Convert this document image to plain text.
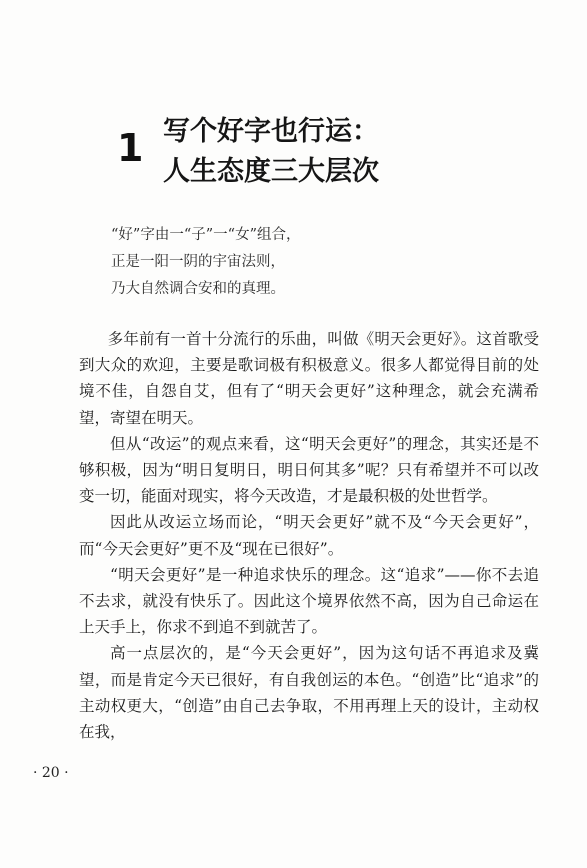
1 写个好字也行运：
人生态度三大层次
“好”字由一“子”一“女”组合，
正是一阳一阴的宇宙法则，
乃大自然调合安和的真理。

多年前有一首十分流行的乐曲，叫做《明天会更好》。这首歌受到大众的欢迎，主要是歌词极有积极意义。很多人都觉得目前的处境不佳，自怨自艾，但有了“明天会更好”这种理念，就会充满希望，寄望在明天。

但从“改运”的观点来看，这“明天会更好”的理念，其实还是不够积极，因为“明日复明日，明日何其多”呢？只有希望并不可以改变一切，能面对现实，将今天改造，才是最积极的处世哲学。

因此从改运立场而论，“明天会更好”就不及“今天会更好”，而“今天会更好”更不及“现在已很好”。

“明天会更好”是一种追求快乐的理念。这“追求”——你不去追不去求，就没有快乐了。因此这个境界依然不高，因为自己命运在上天手上，你求不到追不到就苦了。

高一点层次的，是“今天会更好”，因为这句话不再追求及冀望，而是肯定今天已很好，有自我创运的本色。“创造”比“追求”的主动权更大，“创造”由自己去争取，不用再理上天的设计，主动权在我，

· 20 ·
